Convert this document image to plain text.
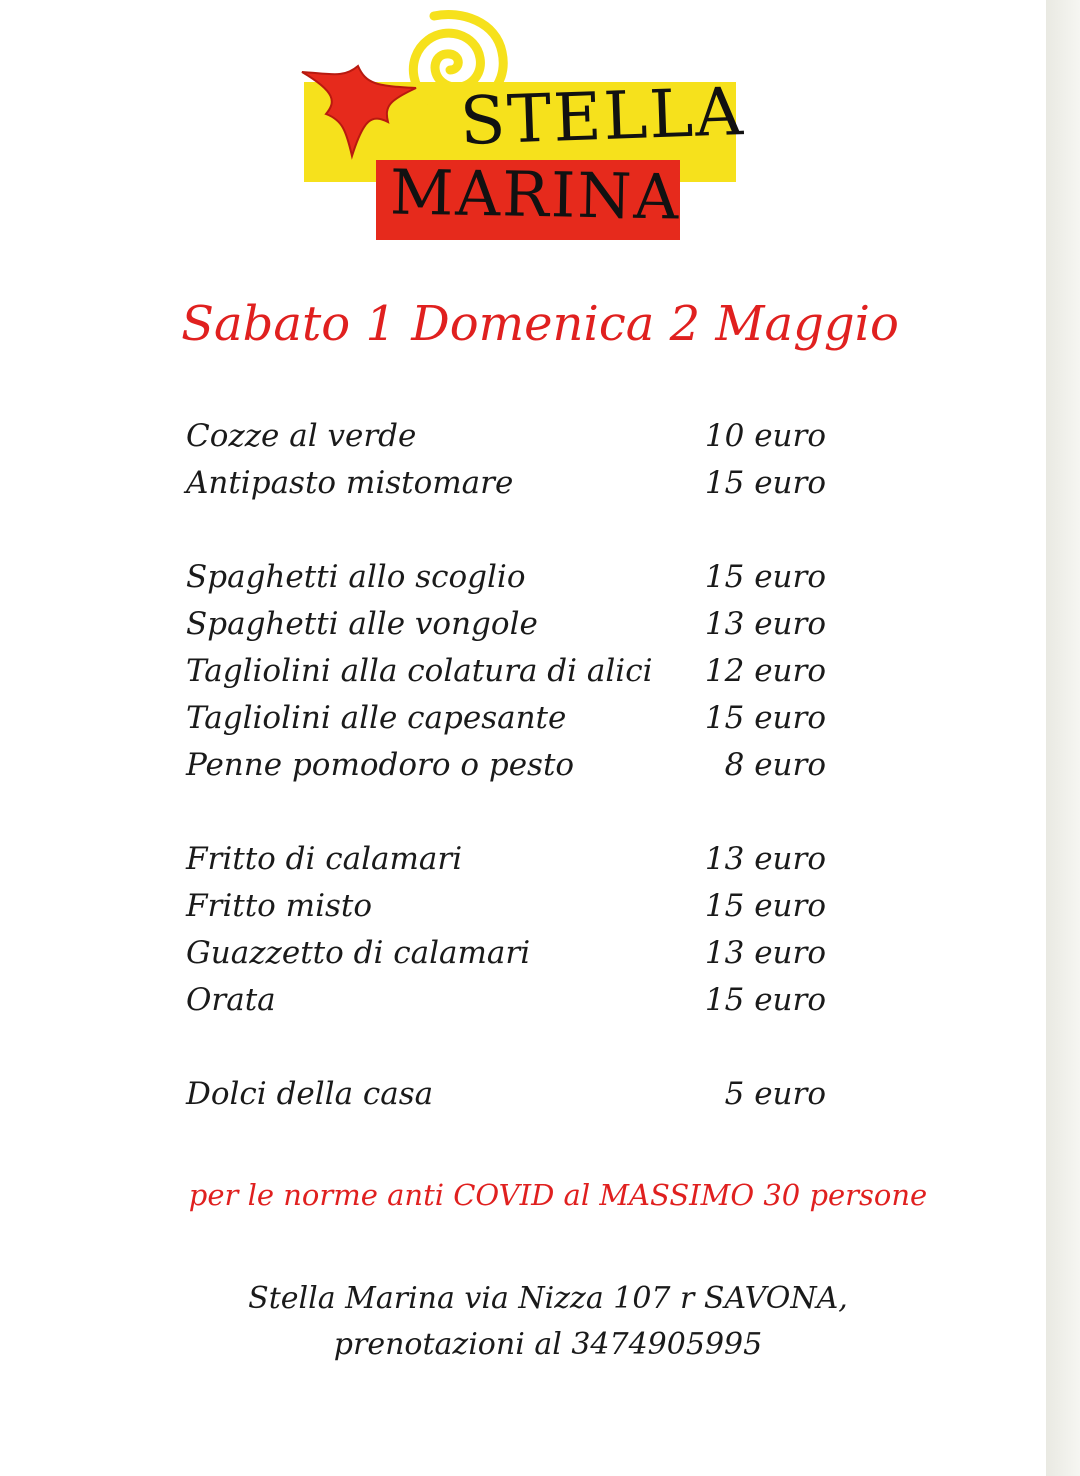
STELLA
MARINA
Sabato 1 Domenica 2 Maggio
Cozze al verde	10 euro
Antipasto mistomare	15 euro
Spaghetti allo scoglio	15 euro
Spaghetti alle vongole	13 euro
Tagliolini alla colatura di alici 12 euro
Tagliolini alle capesante	15 euro
Penne pomodoro o pesto	8 euro
Fritto di calamari	13 euro
Fritto misto	15 euro
Guazzetto di calamari	13 euro
Orata	15 euro
Dolci della casa	5 euro
per le norme anti COVID al MASSIMO 30 persone
Stella Marina via Nizza 107 r SAVONA,
prenotazioni al 3474905995
